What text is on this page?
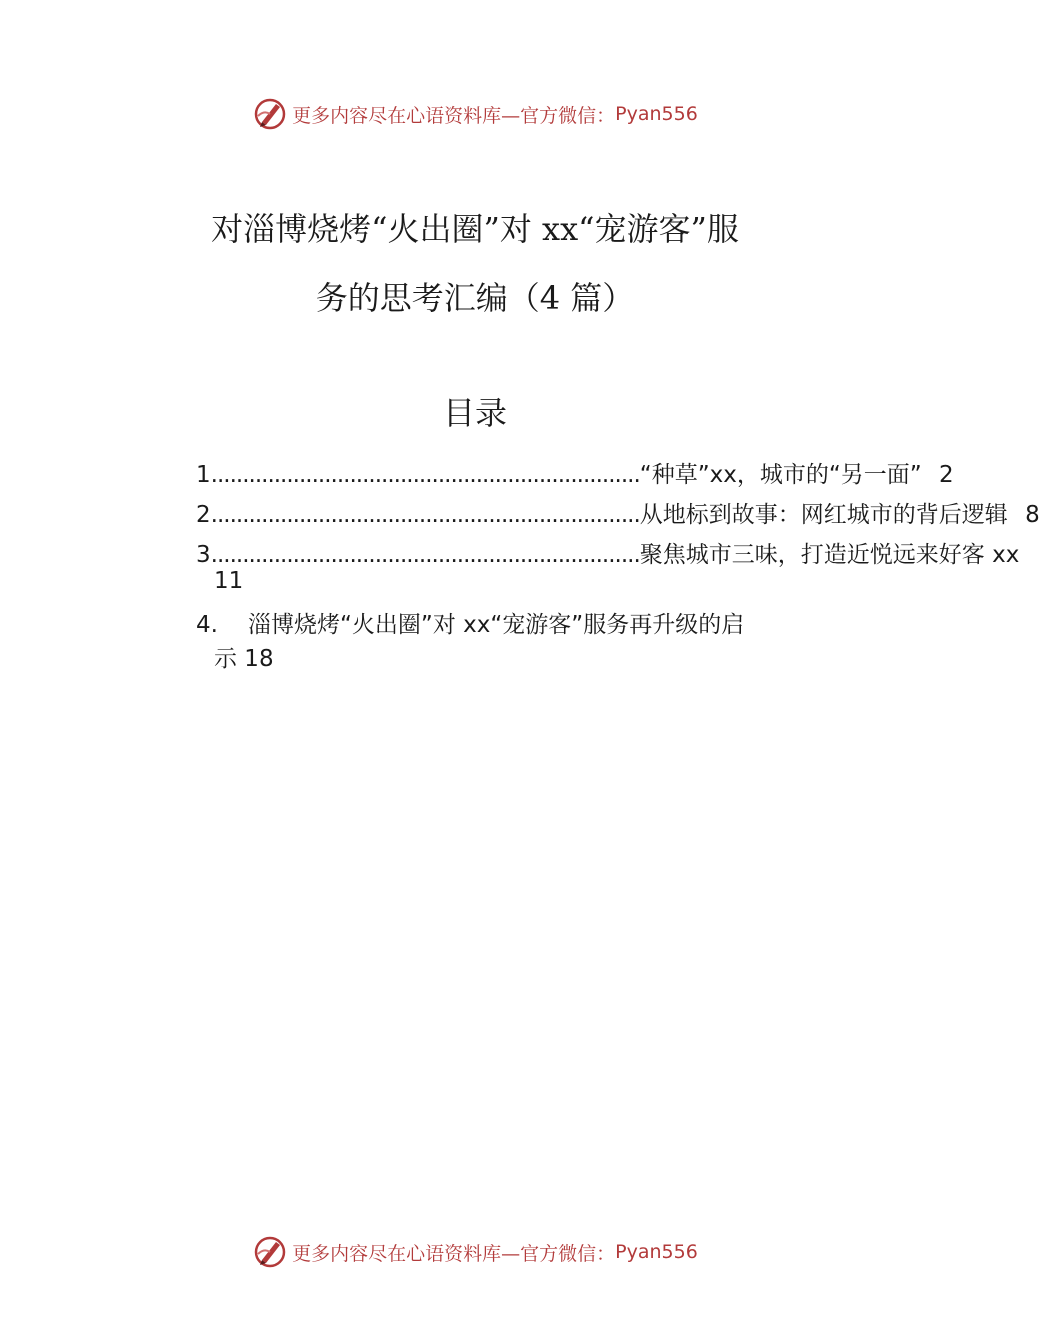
更多内容尽在心语资料库—官方微信： Pyan556
对淄博烧烤“火出圈”对 xx“宠游客”服
务的思考汇编（4 篇）
目录
1 .................................................................... “种草”xx，城市的“另一面” 2
2 .................................................................... 从地标到故事：网红城市的背后逻辑 8
3 .................................................................... 聚焦城市三味，打造近悦远来好客 xx
11
4.	淄博烧烤“火出圈”对 xx“宠游客”服务再升级的启
示 18
更多内容尽在心语资料库—官方微信： Pyan556
